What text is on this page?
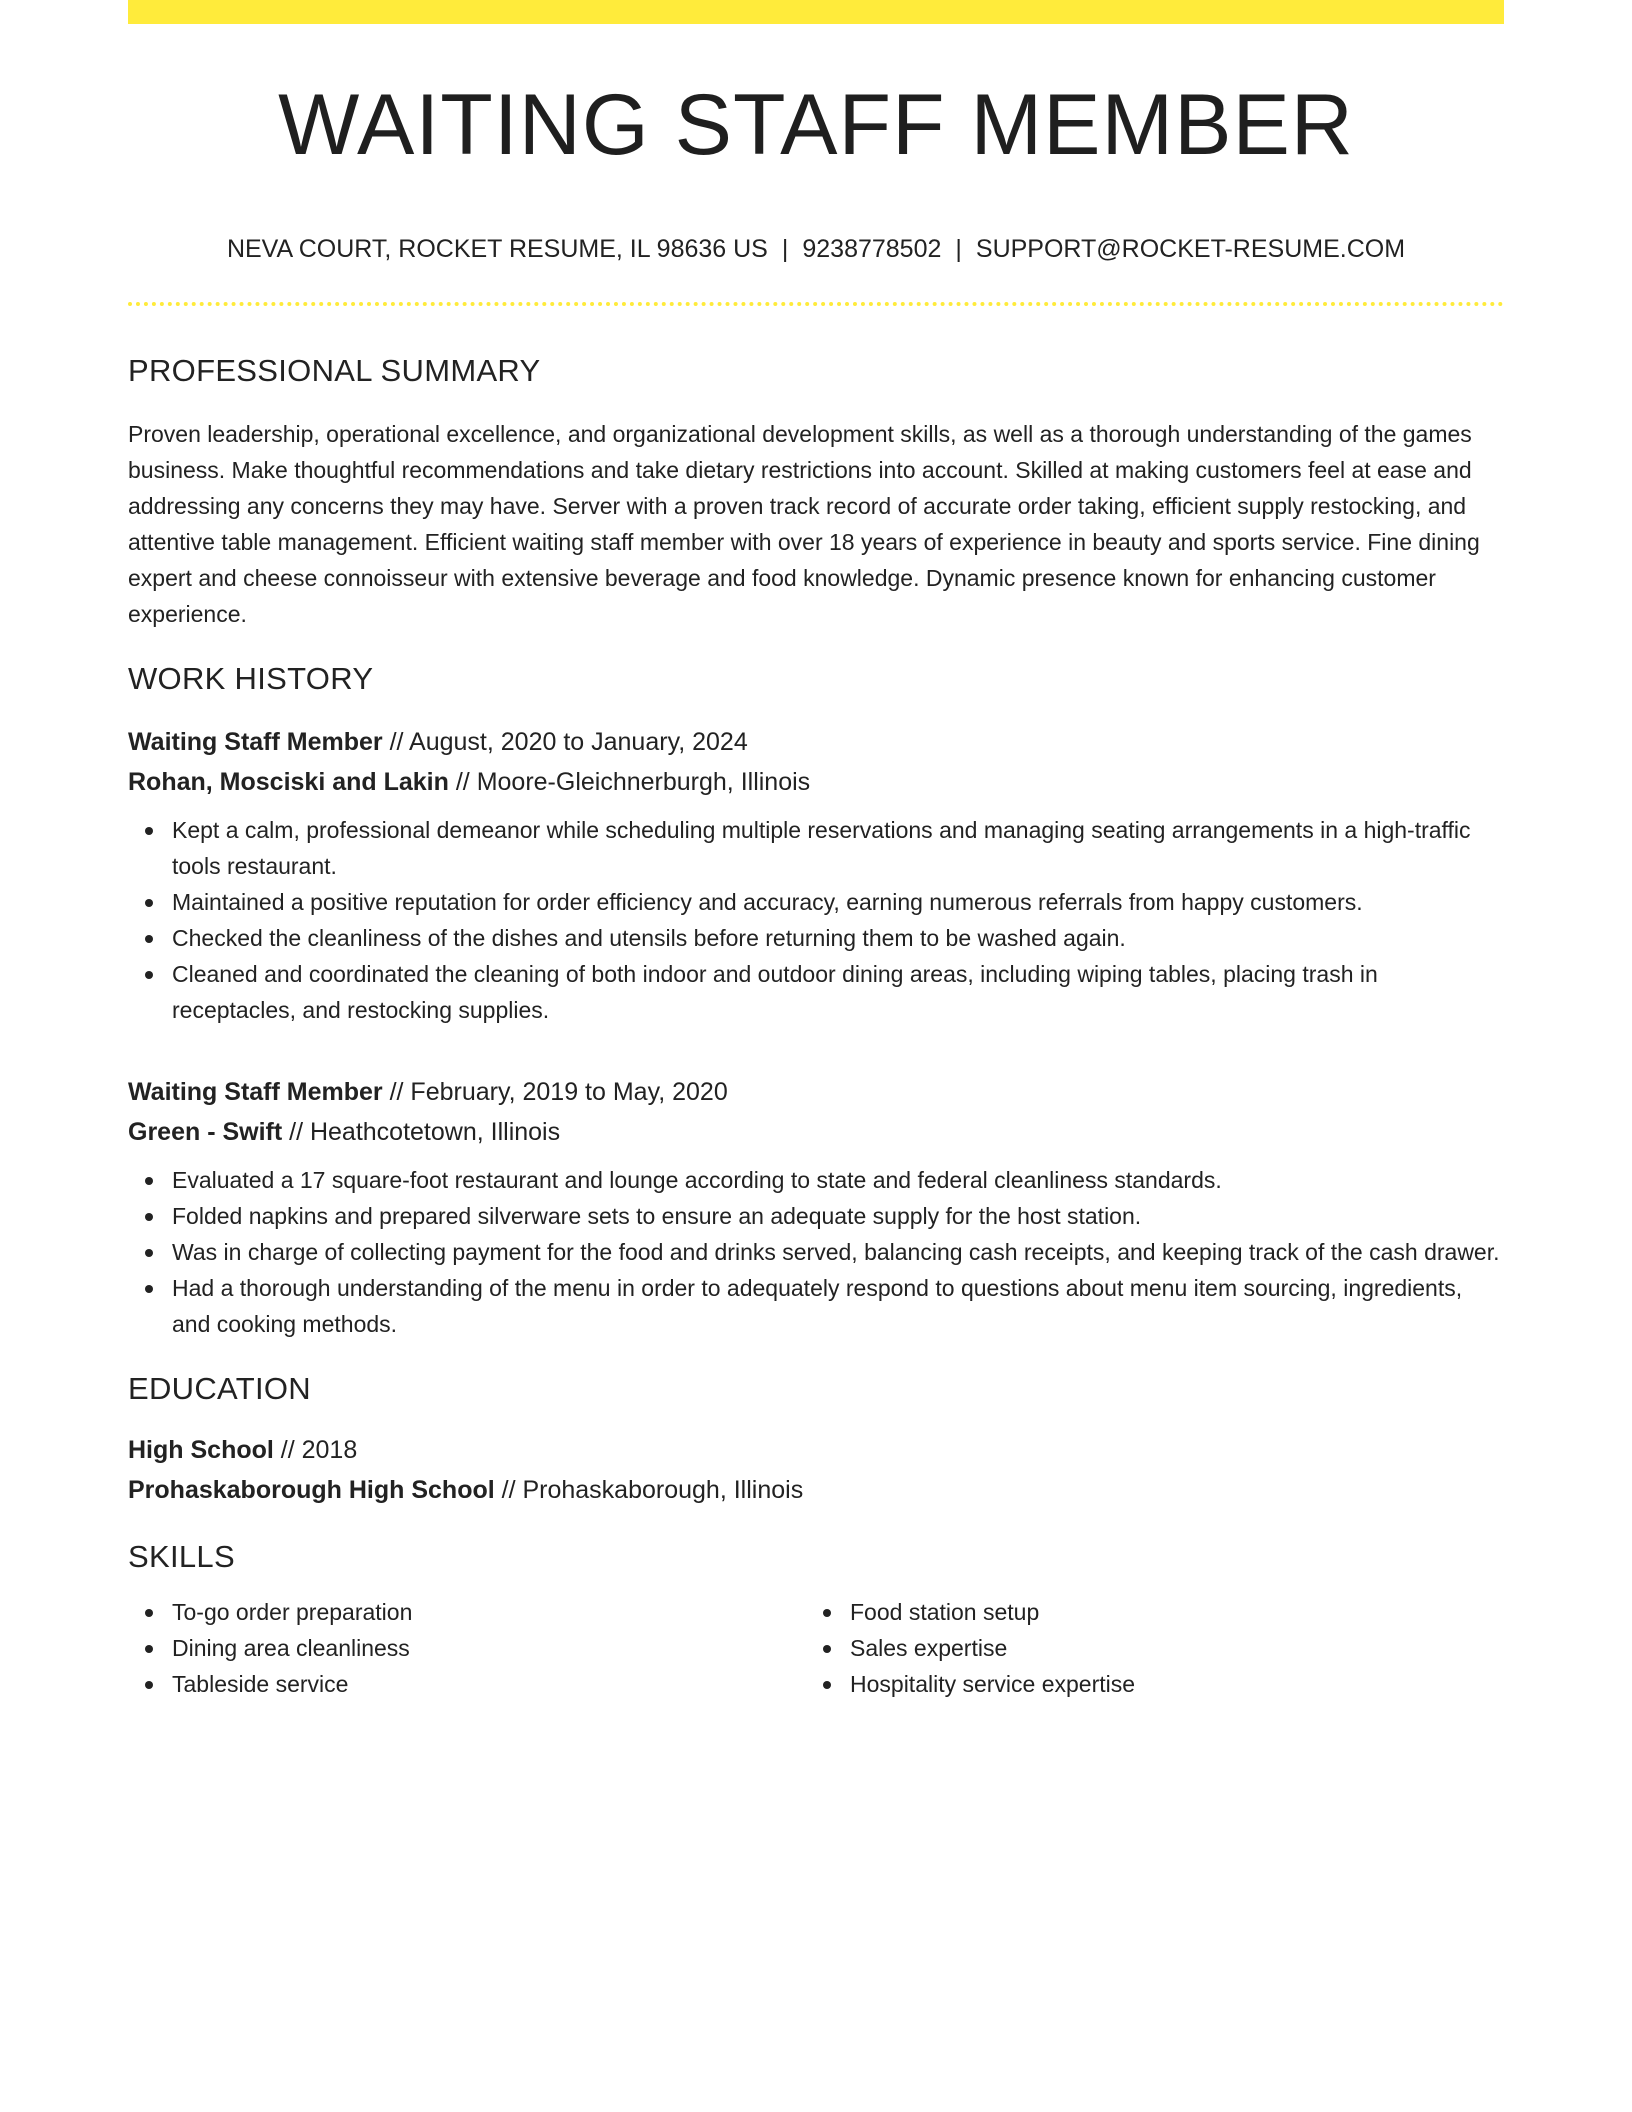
WAITING STAFF MEMBER
NEVA COURT, ROCKET RESUME, IL 98636 US | 9238778502 | SUPPORT@ROCKET-RESUME.COM
PROFESSIONAL SUMMARY

Proven leadership, operational excellence, and organizational development skills, as well as a thorough understanding of the games business. Make thoughtful recommendations and take dietary restrictions into account. Skilled at making customers feel at ease and addressing any concerns they may have. Server with a proven track record of accurate order taking, efficient supply restocking, and attentive table management. Efficient waiting staff member with over 18 years of experience in beauty and sports service. Fine dining expert and cheese connoisseur with extensive beverage and food knowledge. Dynamic presence known for enhancing customer experience.

WORK HISTORY
Waiting Staff Member // August, 2020 to January, 2024
Rohan, Mosciski and Lakin // Moore-Gleichnerburgh, Illinois
Kept a calm, professional demeanor while scheduling multiple reservations and managing seating arrangements in a high-traffic tools restaurant.
Maintained a positive reputation for order efficiency and accuracy, earning numerous referrals from happy customers.
Checked the cleanliness of the dishes and utensils before returning them to be washed again.
Cleaned and coordinated the cleaning of both indoor and outdoor dining areas, including wiping tables, placing trash in receptacles, and restocking supplies.
Waiting Staff Member // February, 2019 to May, 2020
Green - Swift // Heathcotetown, Illinois
Evaluated a 17 square-foot restaurant and lounge according to state and federal cleanliness standards.
Folded napkins and prepared silverware sets to ensure an adequate supply for the host station.
Was in charge of collecting payment for the food and drinks served, balancing cash receipts, and keeping track of the cash drawer.
Had a thorough understanding of the menu in order to adequately respond to questions about menu item sourcing, ingredients, and cooking methods.
EDUCATION
High School // 2018
Prohaskaborough High School // Prohaskaborough, Illinois
SKILLS
To-go order preparation
Dining area cleanliness
Tableside service
Food station setup
Sales expertise
Hospitality service expertise
